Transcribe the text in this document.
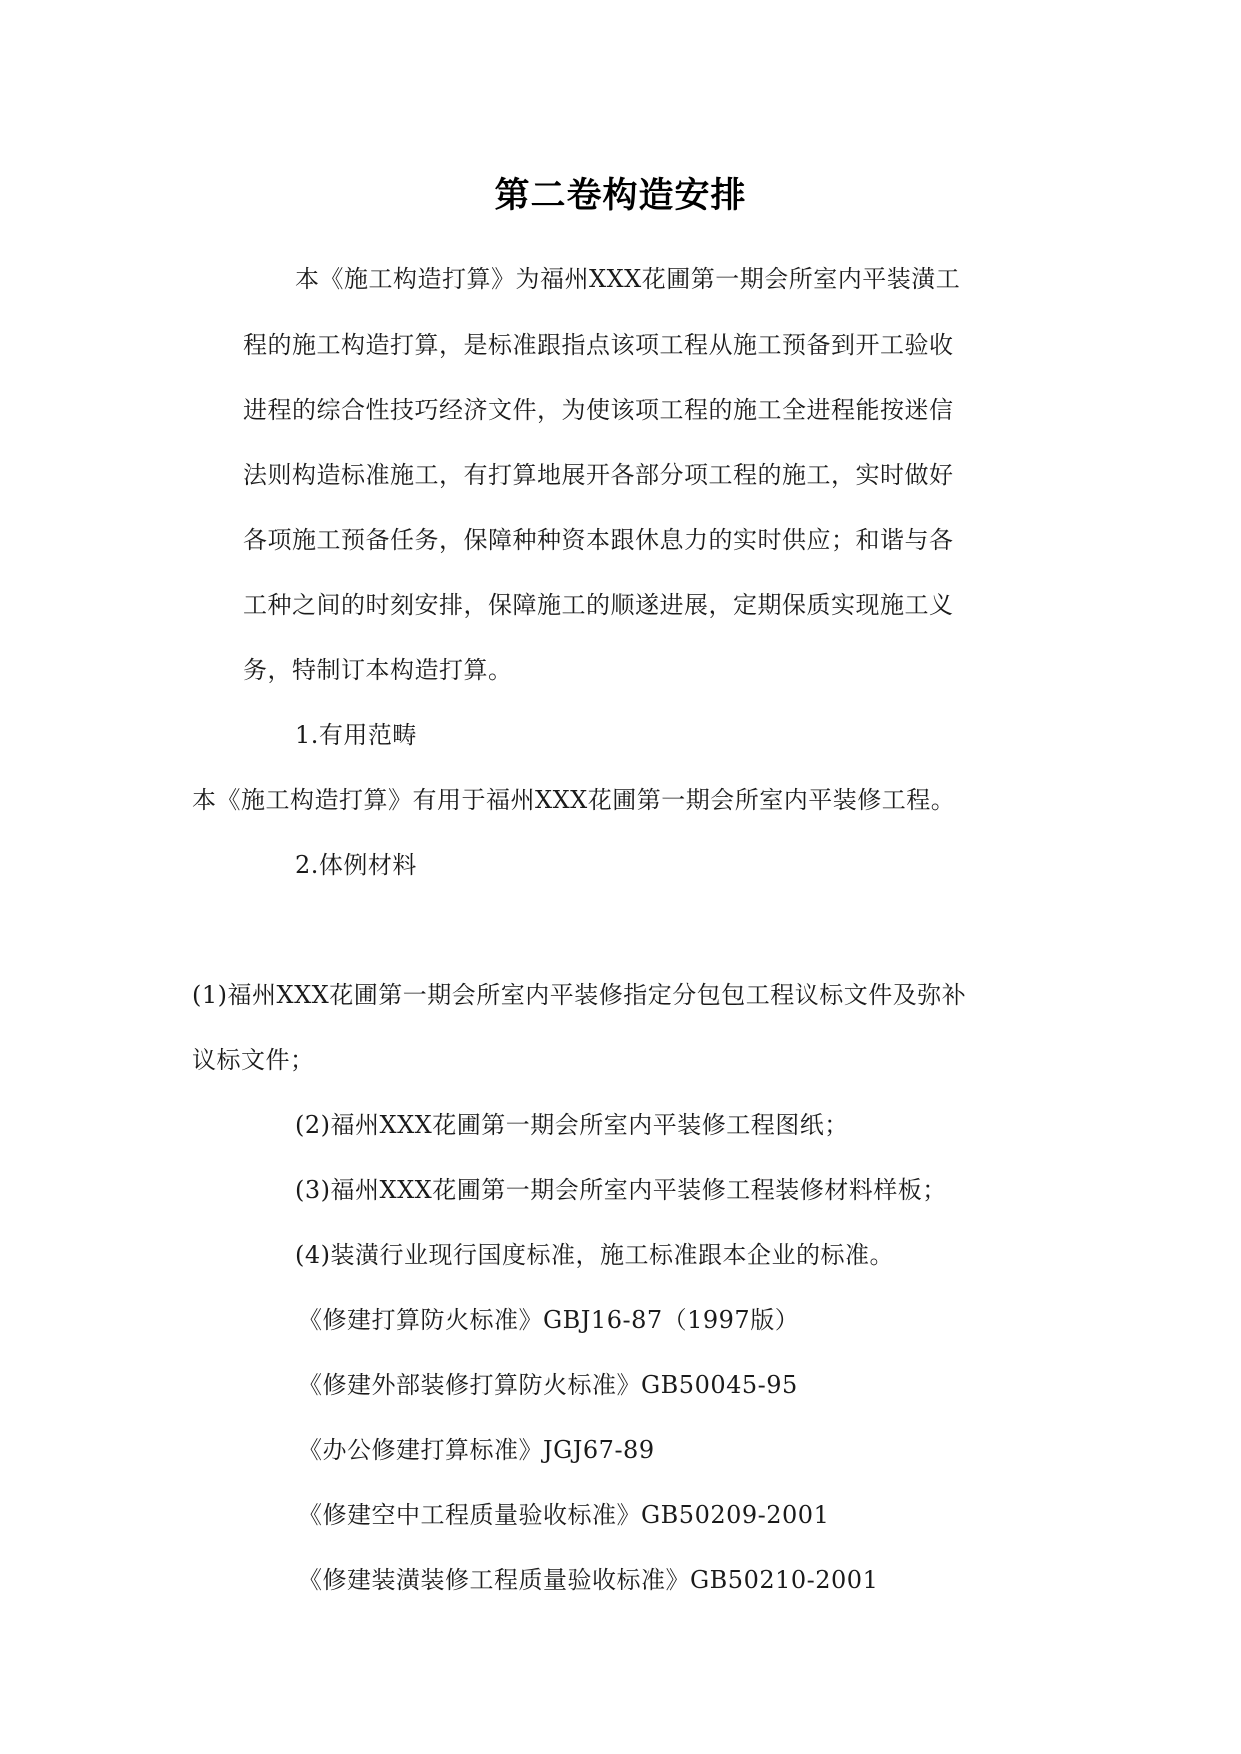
第二卷构造安排
本《施工构造打算》为福州XXX花圃第一期会所室内平装潢工
程的施工构造打算，是标准跟指点该项工程从施工预备到开工验收
进程的综合性技巧经济文件，为使该项工程的施工全进程能按迷信
法则构造标准施工，有打算地展开各部分项工程的施工，实时做好
各项施工预备任务，保障种种资本跟休息力的实时供应；和谐与各
工种之间的时刻安排，保障施工的顺遂进展，定期保质实现施工义
务，特制订本构造打算。
1.有用范畴
本《施工构造打算》有用于福州XXX花圃第一期会所室内平装修工程。
2.体例材料
(1)福州XXX花圃第一期会所室内平装修指定分包包工程议标文件及弥补
议标文件；
(2)福州XXX花圃第一期会所室内平装修工程图纸；
(3)福州XXX花圃第一期会所室内平装修工程装修材料样板；
(4)装潢行业现行国度标准，施工标准跟本企业的标准。
《修建打算防火标准》GBJ16-87（1997版）
《修建外部装修打算防火标准》GB50045-95
《办公修建打算标准》JGJ67-89
《修建空中工程质量验收标准》GB50209-2001
《修建装潢装修工程质量验收标准》GB50210-2001
